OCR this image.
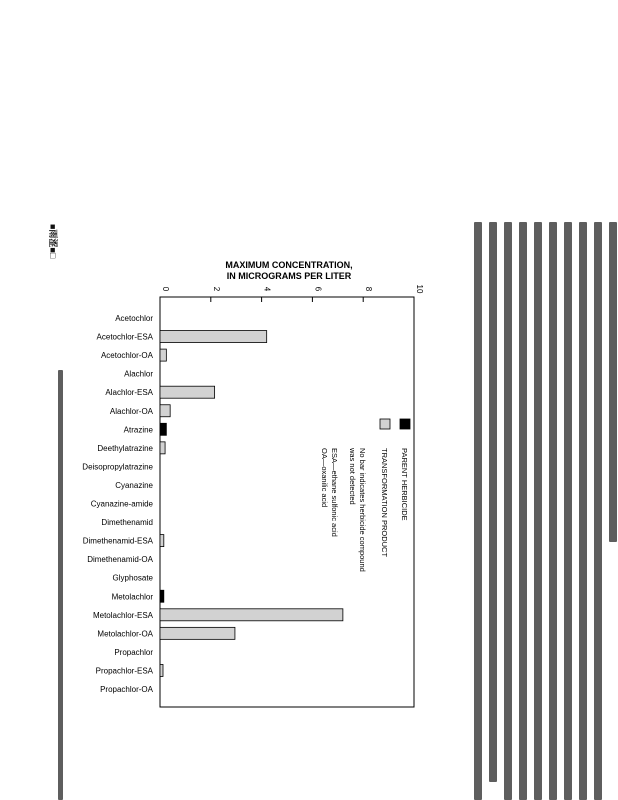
■雨涩■□
MAXIMUM CONCENTRATION,
IN MICROGRAMS PER LITER
0	2	4	6	8	10
Acetochlor
Acetochlor-ESA
Acetochlor-OA
Alachlor
Alachlor-ESA
Alachlor-OA
Atrazine
Deethylatrazine
Deisopropylatrazine
Cyanazine
Cyanazine-amide
Dimethenamid
Dimethenamid-ESA
Dimethenamid-OA
Glyphosate
Metolachlor
Metolachlor-ESA
Metolachlor-OA
Propachlor
Propachlor-ESA
Propachlor-OA
PARENT HERBICIDE
TRANSFORMATION PRODUCT
No bar indicates herbicide compound
was not detected
ESA—ethane sulfonic acid
OA—oxanilic acid
